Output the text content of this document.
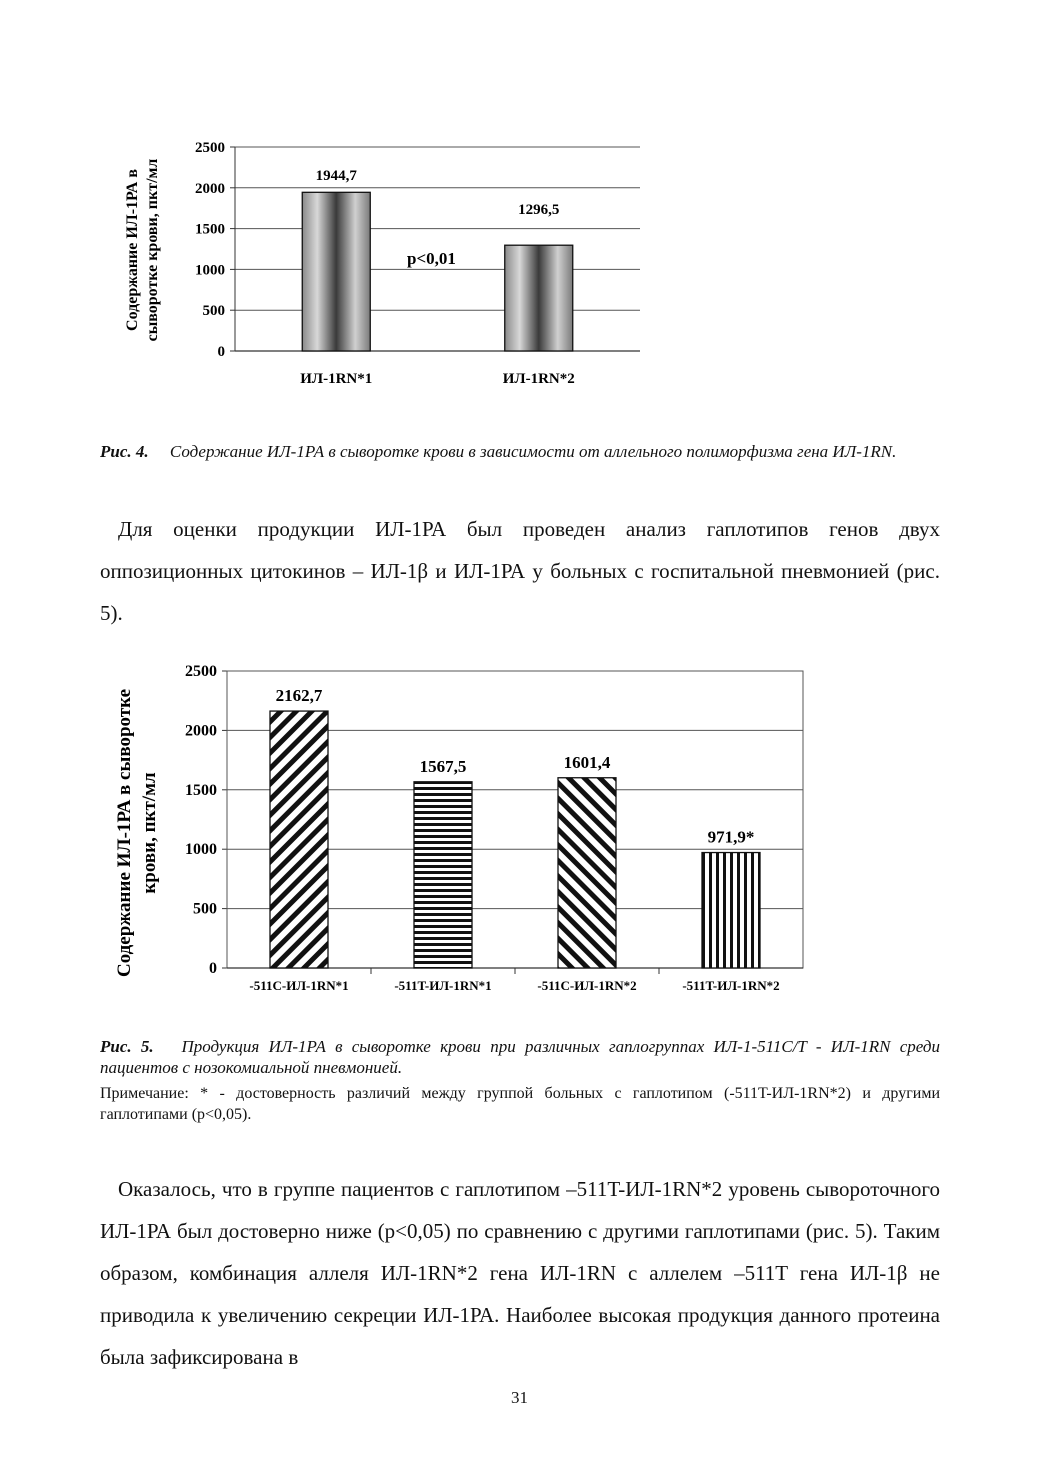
Содержание ИЛ-1РА в сыворотке крови, пкт/мл
0
500
1000
1500
2000
2500
1944,7
1296,5
ИЛ-1RN*1	ИЛ-1RN*2
p<0,01
Рис. 4. Содержание ИЛ-1РА в сыворотке крови в зависимости от аллельного полиморфизма гена ИЛ-1RN.
Для оценки продукции ИЛ-1РА был проведен анализ гаплотипов генов двух оппозиционных цитокинов – ИЛ-1β и ИЛ-1РА у больных с госпитальной пневмонией (рис. 5).
Содержание ИЛ-1РА в сыворотке крови, пкт/мл
0
500
1000
1500
2000
2500
2162,7
1567,5	1601,4
971,9*
-511C-ИЛ-1RN*1	-511T-ИЛ-1RN*1	-511C-ИЛ-1RN*2	-511T-ИЛ-1RN*2
Рис. 5. Продукция ИЛ-1РА в сыворотке крови при различных гаплогруппах ИЛ-1-511C/T - ИЛ-1RN среди пациентов с нозокомиальной пневмонией.
Примечание: * - достоверность различий между группой больных с гаплотипом (-511T-ИЛ-1RN*2) и другими гаплотипами (p<0,05).
Оказалось, что в группе пациентов с гаплотипом –511T-ИЛ-1RN*2 уровень сывороточного ИЛ-1РА был достоверно ниже (p<0,05) по сравнению с другими гаплотипами (рис. 5). Таким образом, комбинация аллеля ИЛ-1RN*2 гена ИЛ-1RN с аллелем –511T гена ИЛ-1β не приводила к увеличению секреции ИЛ-1РА. Наиболее высокая продукция данного протеина была зафиксирована в
31
